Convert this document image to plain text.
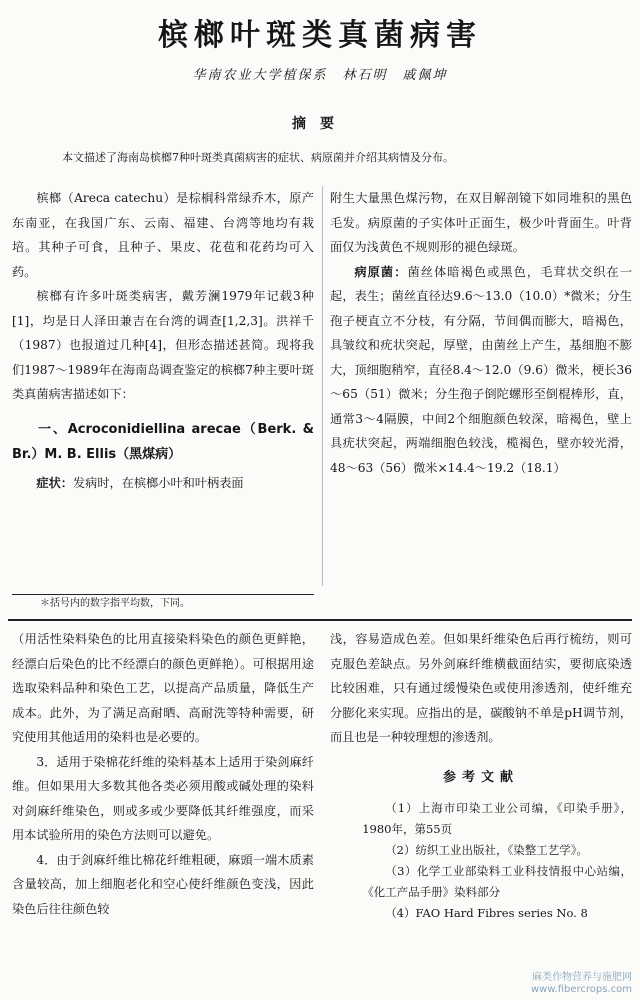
槟榔叶斑类真菌病害
华南农业大学植保系　林石明　戚佩坤
摘要
本文描述了海南岛槟榔7种叶斑类真菌病害的症状、病原菌并介绍其病情及分布。

槟榔（Areca catechu）是棕榈科常绿乔木，原产东南亚，在我国广东、云南、福建、台湾等地均有栽培。其种子可食，且种子、果皮、花苞和花药均可入药。

槟榔有许多叶斑类病害，戴芳澜1979年记载3种[1]，均是日人泽田兼吉在台湾的调查[1,2,3]。洪祥千（1987）也报道过几种[4]，但形态描述甚简。现将我们1987～1989年在海南岛调查鉴定的槟榔7种主要叶斑类真菌病害描述如下：

一、Acroconidiellina arecae（Berk. & Br.）M. B. Ellis（黑煤病）

症状：发病时，在槟榔小叶和叶柄表面

附生大量黑色煤污物，在双目解剖镜下如同堆积的黑色毛发。病原菌的子实体叶正面生，极少叶背面生。叶背面仅为浅黄色不规则形的褪色绿斑。

病原菌：菌丝体暗褐色或黑色，毛茸状交织在一起，表生；菌丝直径达9.6～13.0（10.0）*微米；分生孢子梗直立不分枝，有分隔，节间偶而膨大，暗褐色，具皱纹和疣状突起，厚壁，由菌丝上产生，基细胞不膨大，顶细胞稍窄，直径8.4～12.0（9.6）微米，梗长36～65（51）微米；分生孢子倒陀螺形至倒棍棒形，直，通常3～4隔膜，中间2个细胞颜色较深，暗褐色，壁上具疣状突起，两端细胞色较浅，榄褐色，壁亦较光滑，48～63（56）微米×14.4～19.2（18.1）

＊括号内的数字指平均数，下同。

（用活性染料染色的比用直接染料染色的颜色更鲜艳，经漂白后染色的比不经漂白的颜色更鲜艳）。可根据用途选取染料品种和染色工艺，以提高产品质量，降低生产成本。此外，为了满足高耐晒、高耐洗等特种需要，研究使用其他适用的染料也是必要的。

3．适用于染棉花纤维的染料基本上适用于染剑麻纤维。但如果用大多数其他各类必须用酸或碱处理的染料对剑麻纤维染色，则或多或少要降低其纤维强度，而采用本试验所用的染色方法则可以避免。

4．由于剑麻纤维比棉花纤维粗硬，麻頭一端木质素含量较高，加上细胞老化和空心使纤维颜色变浅，因此染色后往往颜色较

浅，容易造成色差。但如果纤维染色后再行梳纺，则可克服色差缺点。另外剑麻纤维横截面结实，要彻底染透比较困难，只有通过缓慢染色或使用渗透剂，使纤维充分膨化来实现。应指出的是，碳酸钠不单是pH调节剂，而且也是一种较理想的渗透剂。

参考文献

（1）上海市印染工业公司编，《印染手册》，1980年，第55页

（2）纺织工业出版社，《染整工艺学》。

（3）化学工业部染料工业科技情报中心站编，《化工产品手册》染料部分

（4）FAO Hard Fibres series No. 8

麻类作物营养与施肥网
www.fibercrops.com
